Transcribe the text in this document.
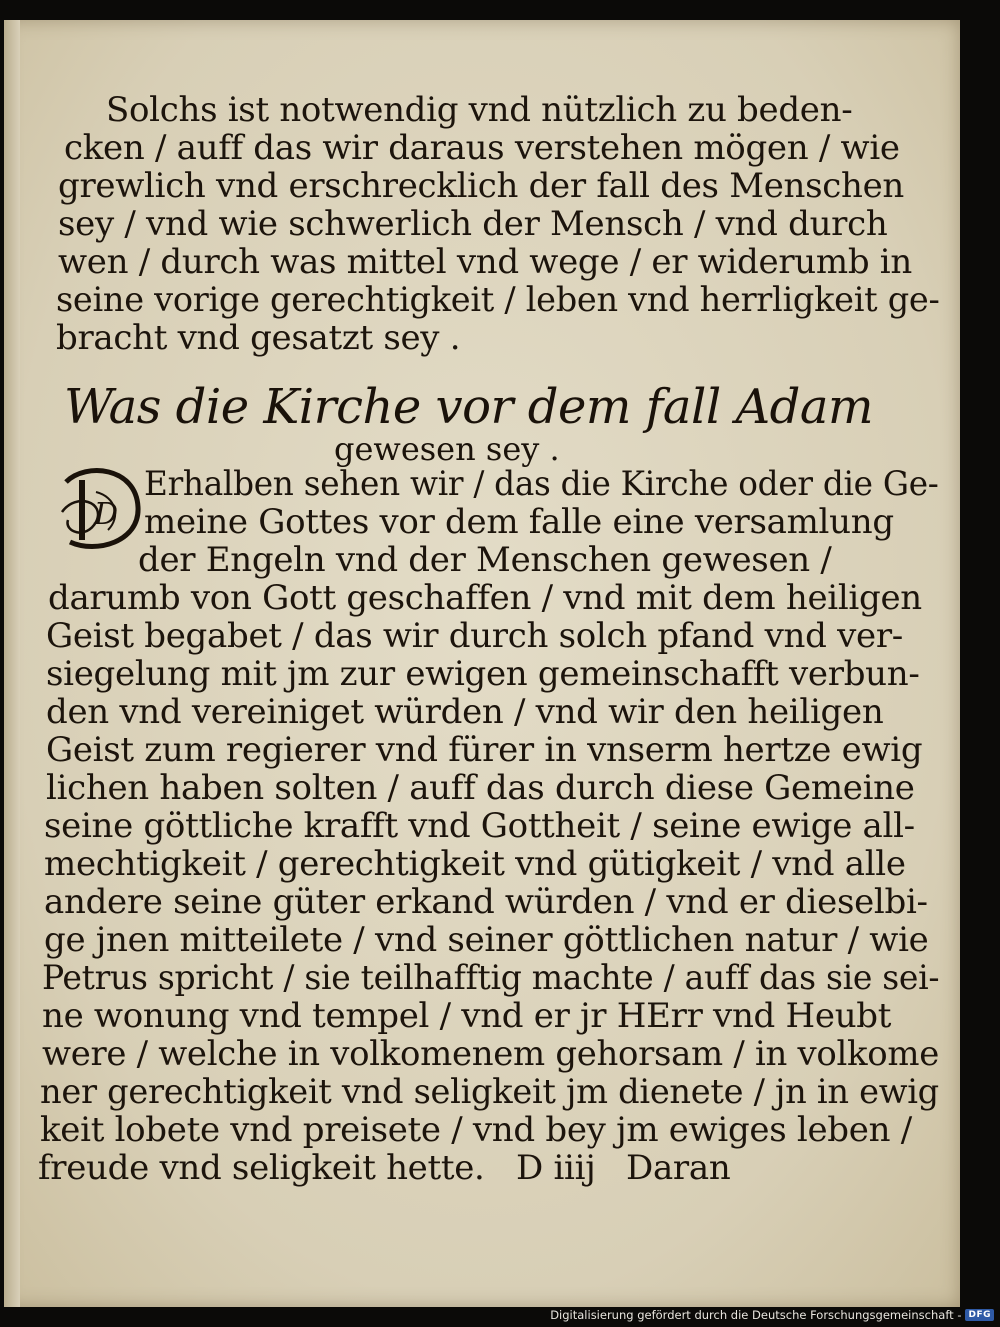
Solchs ist notwendig vnd nützlich zu beden-
cken / auff das wir daraus verstehen mögen / wie
grewlich vnd erschrecklich der fall des Menschen
sey / vnd wie schwerlich der Mensch / vnd durch
wen / durch was mittel vnd wege / er widerumb in
seine vorige gerechtigkeit / leben vnd herrligkeit ge-
bracht vnd gesatzt sey .
Was die Kirche vor dem fall Adam
gewesen sey .
D
Erhalben sehen wir / das die Kirche oder die Ge-
meine Gottes vor dem falle eine versamlung
der Engeln vnd der Menschen gewesen /
darumb von Gott geschaffen / vnd mit dem heiligen
Geist begabet / das wir durch solch pfand vnd ver-
siegelung mit jm zur ewigen gemeinschafft verbun-
den vnd vereiniget würden / vnd wir den heiligen
Geist zum regierer vnd fürer in vnserm hertze ewig
lichen haben solten / auff das durch diese Gemeine
seine göttliche krafft vnd Gottheit / seine ewige all-
mechtigkeit / gerechtigkeit vnd gütigkeit / vnd alle
andere seine güter erkand würden / vnd er dieselbi-
ge jnen mitteilete / vnd seiner göttlichen natur / wie
Petrus spricht / sie teilhafftig machte / auff das sie sei-
ne wonung vnd tempel / vnd er jr HErr vnd Heubt
were / welche in volkomenem gehorsam / in volkome
ner gerechtigkeit vnd seligkeit jm dienete / jn in ewig
keit lobete vnd preisete / vnd bey jm ewiges leben /
freude vnd seligkeit hette. D iiij Daran
Digitalisierung gefördert durch die Deutsche Forschungsgemeinschaft - DFG
